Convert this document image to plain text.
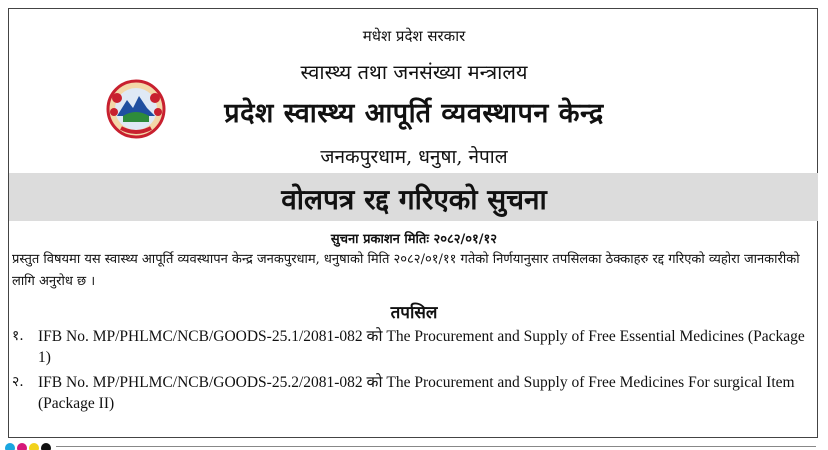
मधेश प्रदेश सरकार
स्वास्थ्य तथा जनसंख्या मन्त्रालय
प्रदेश स्वास्थ्य आपूर्ति व्यवस्थापन केन्द्र
जनकपुरधाम, धनुषा, नेपाल
वोलपत्र रद्द गरिएको सुचना
सुचना प्रकाशन मितिः २०८२/०१/१२
प्रस्तुत विषयमा यस स्वास्थ्य आपूर्ति व्यवस्थापन केन्द्र जनकपुरधाम, धनुषाको मिति २०८२/०१/११ गतेको निर्णयानुसार तपसिलका ठेक्काहरु रद्द गरिएको व्यहोरा जानकारीको लागि अनुरोध छ ।
तपसिल
१. IFB No. MP/PHLMC/NCB/GOODS-25.1/2081-082 को The Procurement and Supply of Free Essential Medicines (Package 1)
२. IFB No. MP/PHLMC/NCB/GOODS-25.2/2081-082 को The Procurement and Supply of Free Medicines For surgical Item (Package II)
